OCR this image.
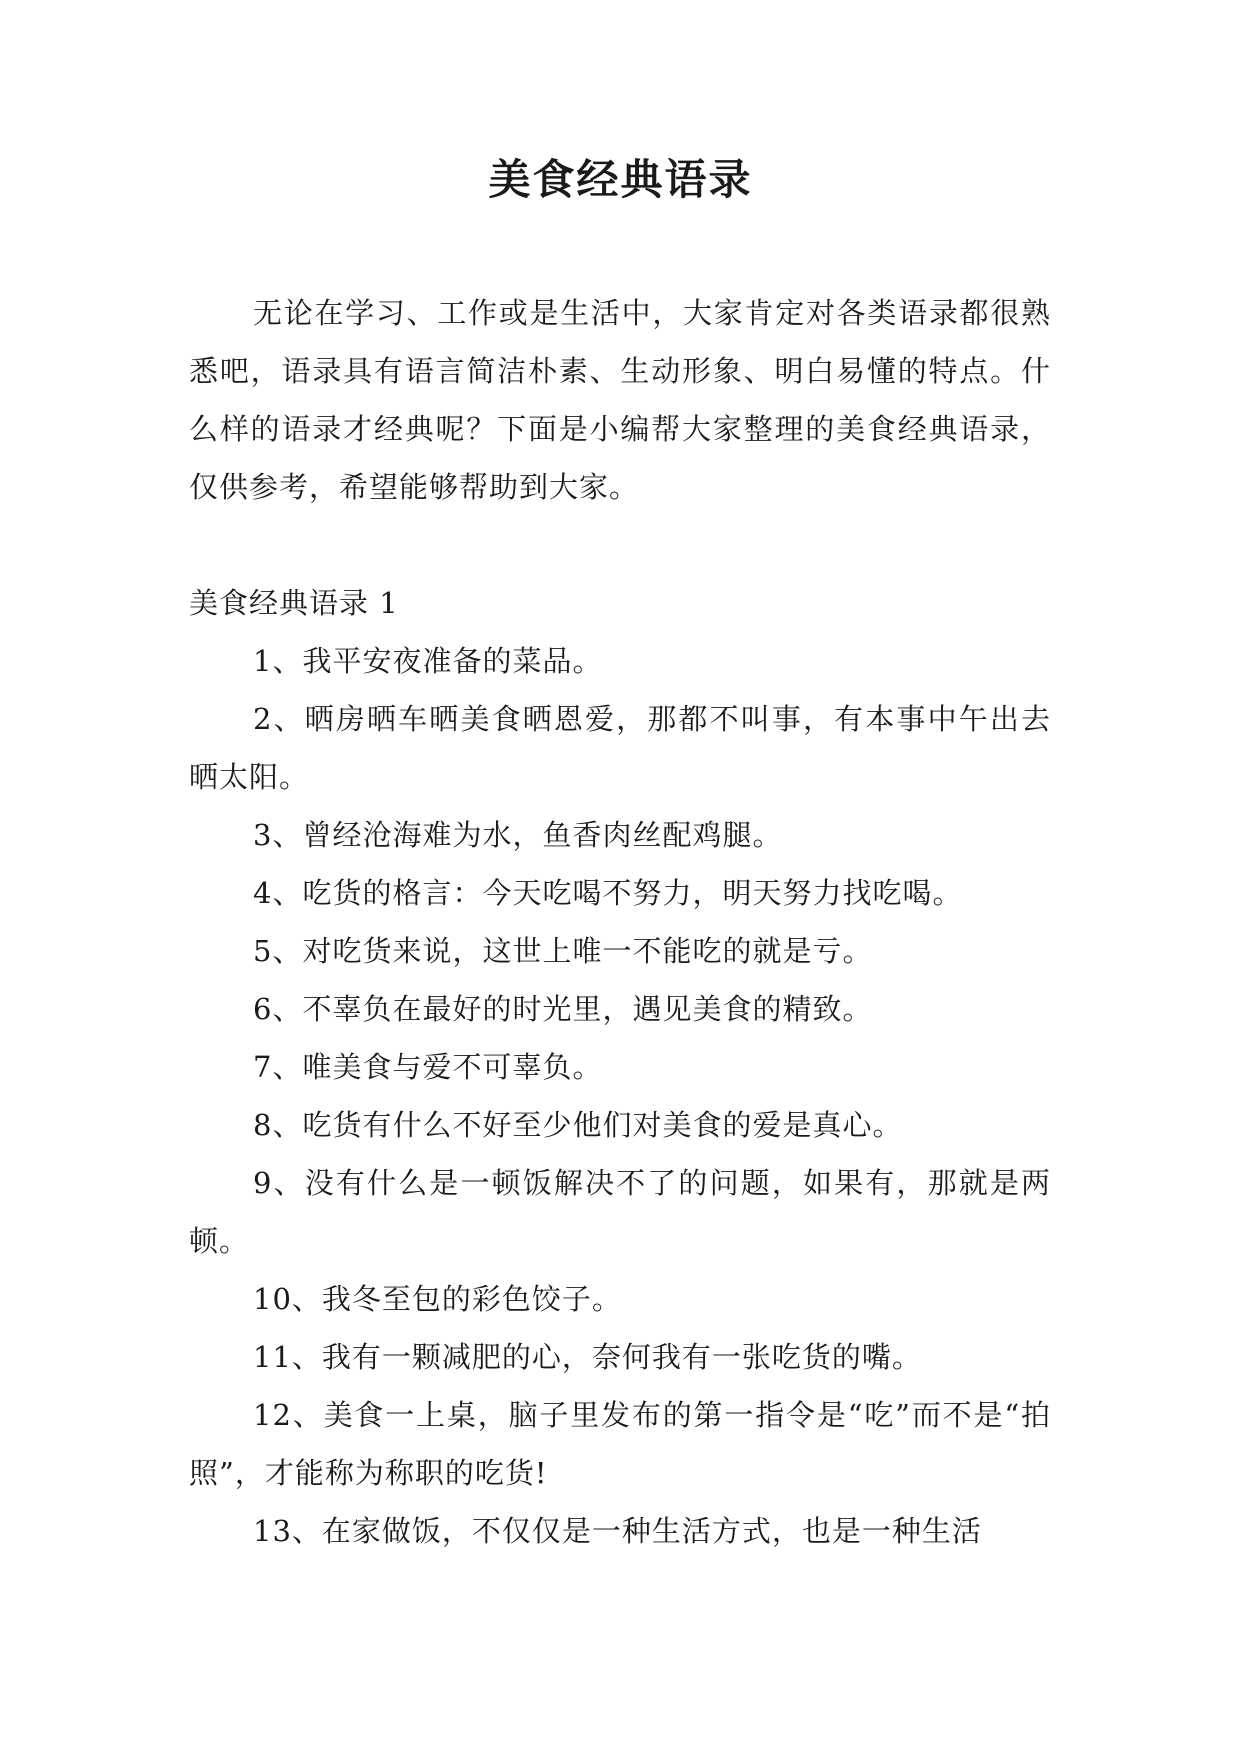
美食经典语录

无论在学习、工作或是生活中，大家肯定对各类语录都很熟悉吧，语录具有语言简洁朴素、生动形象、明白易懂的特点。什么样的语录才经典呢？下面是小编帮大家整理的美食经典语录，仅供参考，希望能够帮助到大家。

美食经典语录 1

1、我平安夜准备的菜品。

2、晒房晒车晒美食晒恩爱，那都不叫事，有本事中午出去晒太阳。

3、曾经沧海难为水，鱼香肉丝配鸡腿。

4、吃货的格言：今天吃喝不努力，明天努力找吃喝。

5、对吃货来说，这世上唯一不能吃的就是亏。

6、不辜负在最好的时光里，遇见美食的精致。

7、唯美食与爱不可辜负。

8、吃货有什么不好至少他们对美食的爱是真心。

9、没有什么是一顿饭解决不了的问题，如果有，那就是两顿。

10、我冬至包的彩色饺子。

11、我有一颗减肥的心，奈何我有一张吃货的嘴。

12、美食一上桌，脑子里发布的第一指令是“吃”而不是“拍照”，才能称为称职的吃货!

13、在家做饭，不仅仅是一种生活方式，也是一种生活
